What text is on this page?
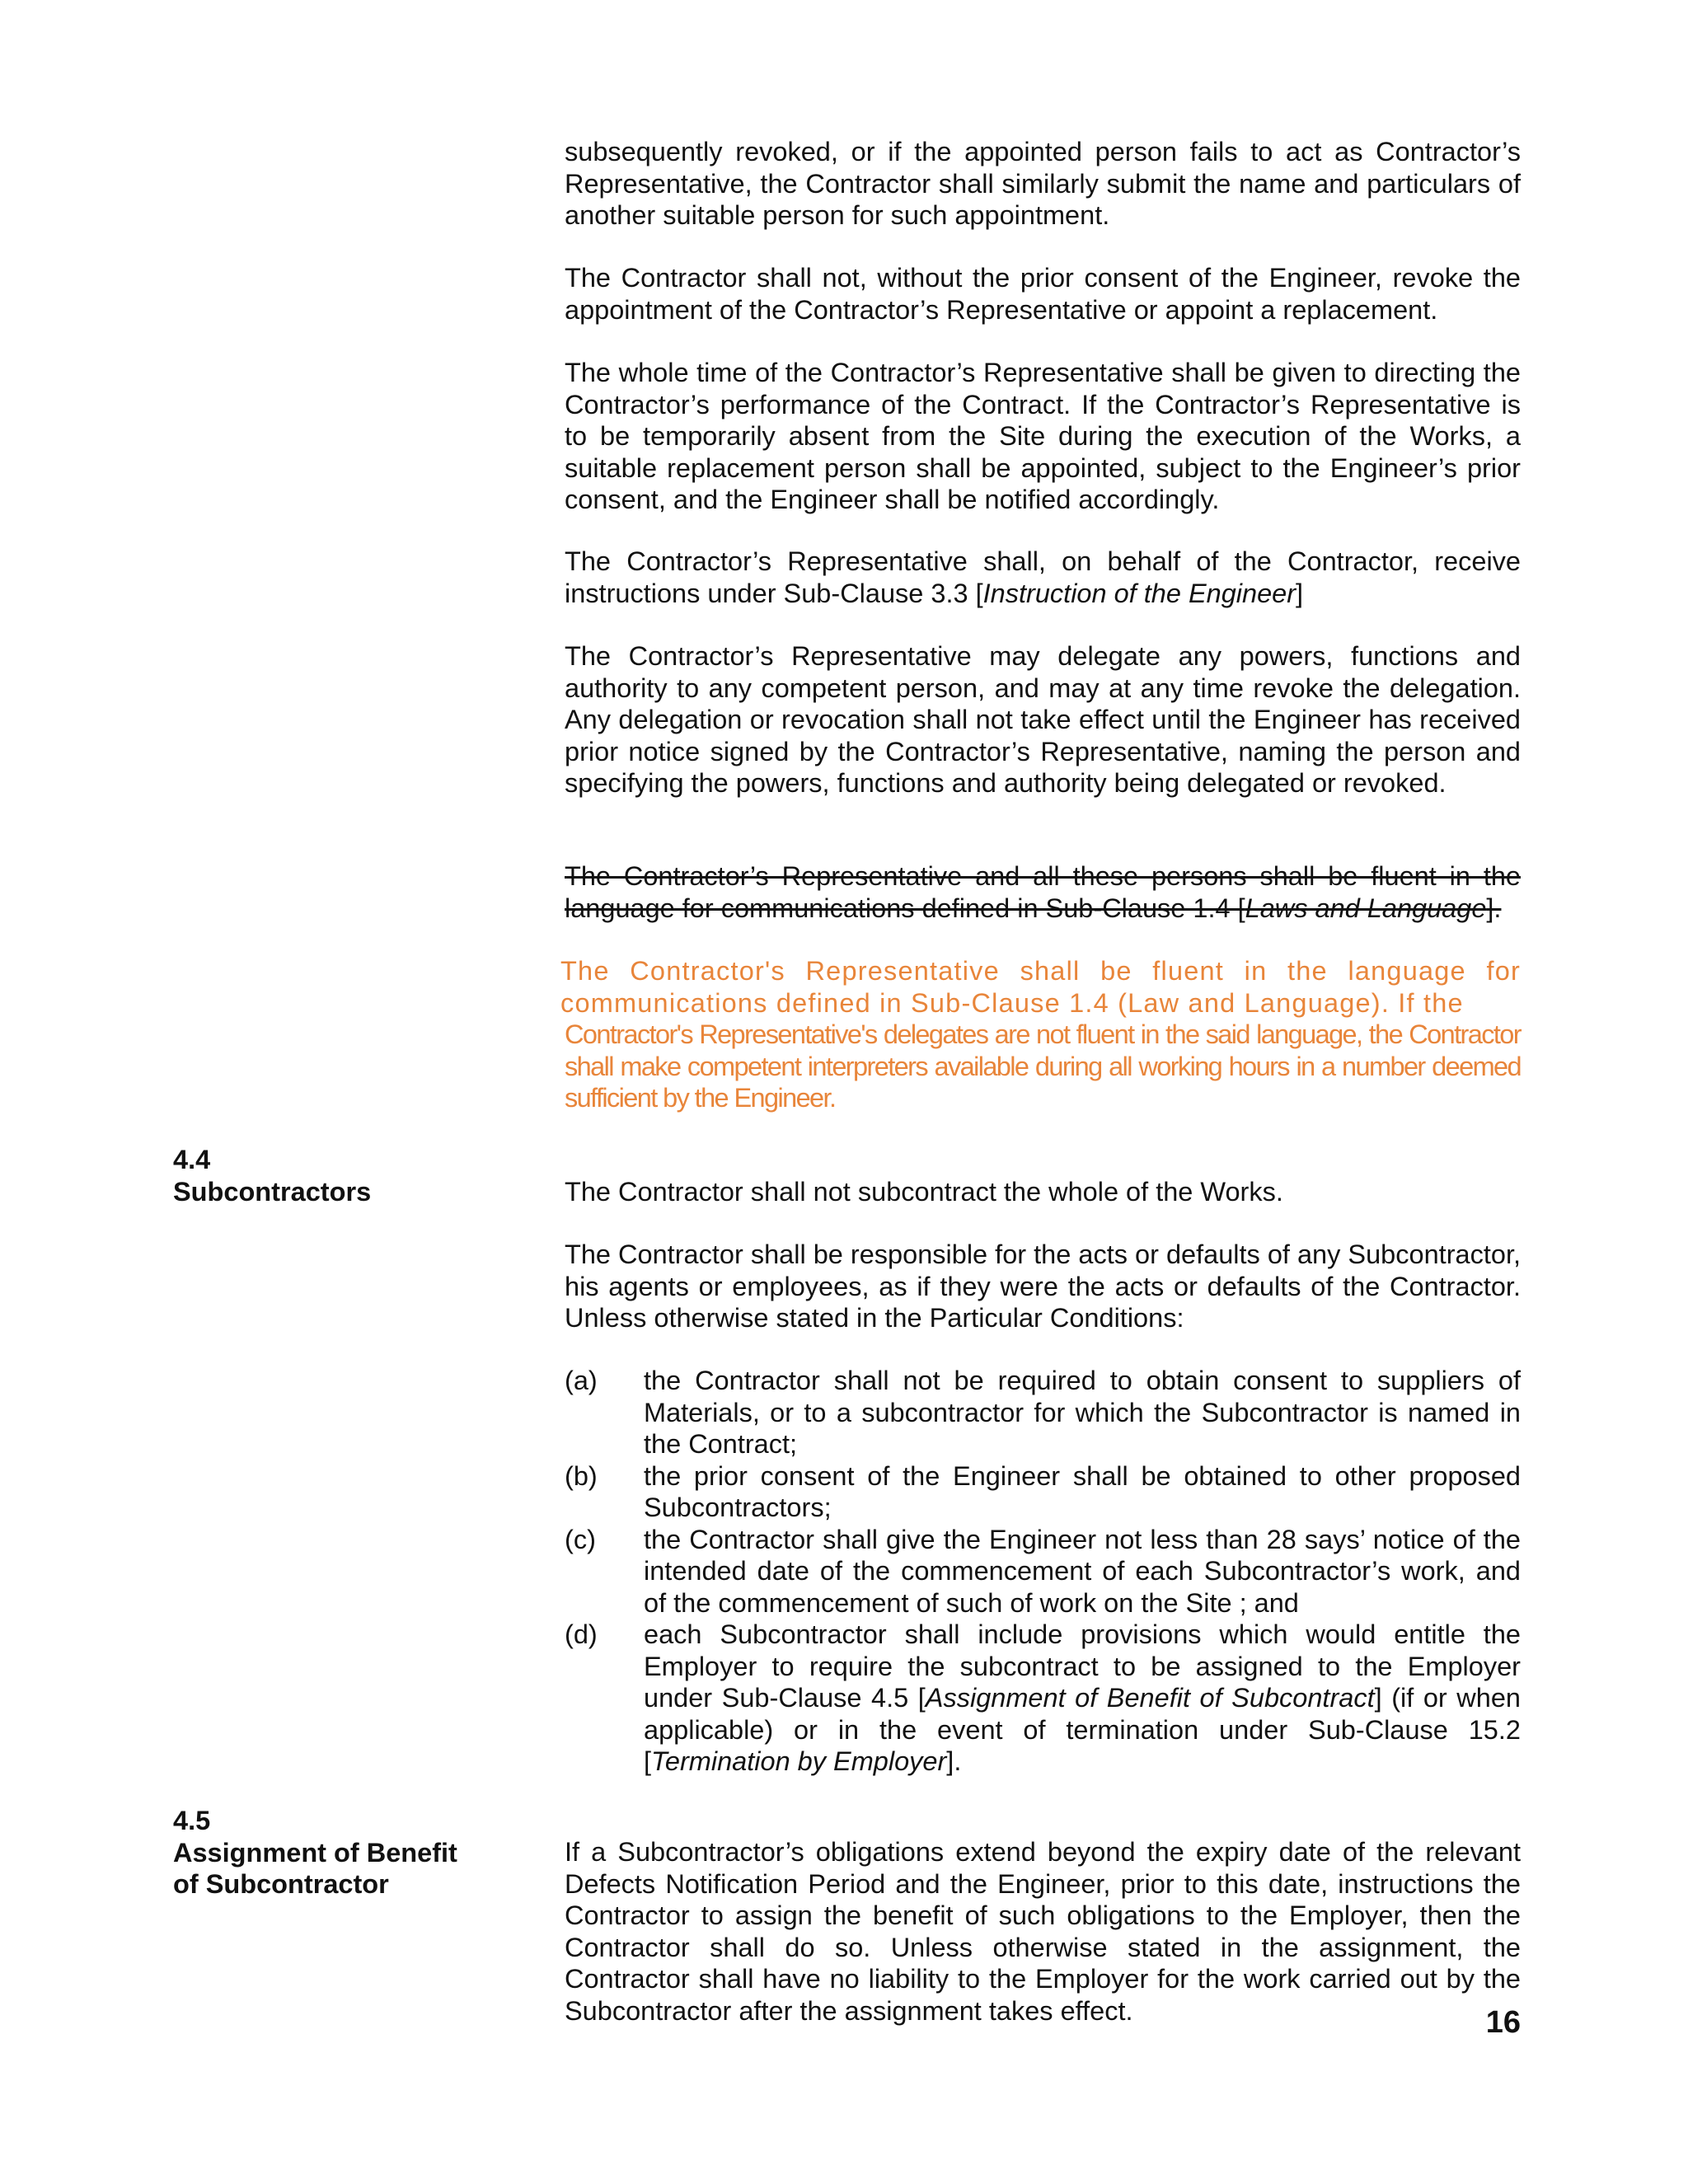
subsequently revoked, or if the appointed person fails to act as Contractor’s Representative, the Contractor shall similarly submit the name and particulars of another suitable person for such appointment.

The Contractor shall not, without the prior consent of the Engineer, revoke the appointment of the Contractor’s Representative or appoint a replacement.

The whole time of the Contractor’s Representative shall be given to directing the Contractor’s performance of the Contract. If the Contractor’s Representative is to be temporarily absent from the Site during the execution of the Works, a suitable replacement person shall be appointed, subject to the Engineer’s prior consent, and the Engineer shall be notified accordingly.

The Contractor’s Representative shall, on behalf of the Contractor, receive instructions under Sub-Clause 3.3 [Instruction of the Engineer]

The Contractor’s Representative may delegate any powers, functions and authority to any competent person, and may at any time revoke the delegation. Any delegation or revocation shall not take effect until the Engineer has received prior notice signed by the Contractor’s Representative, naming the person and specifying the powers, functions and authority being delegated or revoked.

The Contractor’s Representative and all these persons shall be fluent in the language for communications defined in Sub-Clause 1.4 [Laws and Language].

The Contractor's Representative shall be fluent in the language for communications defined in Sub-Clause 1.4 (Law and Language). If the

Contractor's Representative's delegates are not fluent in the said language, the Contractor shall make competent interpreters available during all working hours in a number deemed sufficient by the Engineer.

4.4
Subcontractors	The Contractor shall not subcontract the whole of the Works.

The Contractor shall be responsible for the acts or defaults of any Subcontractor, his agents or employees, as if they were the acts or defaults of the Contractor. Unless otherwise stated in the Particular Conditions:

(a)	the Contractor shall not be required to obtain consent to suppliers of Materials, or to a subcontractor for which the Subcontractor is named in the Contract;
(b)	the prior consent of the Engineer shall be obtained to other proposed Subcontractors;
(c)	the Contractor shall give the Engineer not less than 28 says’ notice of the intended date of the commencement of each Subcontractor’s work, and of the commencement of such of work on the Site ; and
(d)	each Subcontractor shall include provisions which would entitle the Employer to require the subcontract to be assigned to the Employer under Sub-Clause 4.5 [Assignment of Benefit of Subcontract] (if or when applicable) or in the event of termination under Sub-Clause 15.2 [Termination by Employer].
4.5
Assignment of Benefit
of Subcontractor

If a Subcontractor’s obligations extend beyond the expiry date of the relevant Defects Notification Period and the Engineer, prior to this date, instructions the Contractor to assign the benefit of such obligations to the Employer, then the Contractor shall do so. Unless otherwise stated in the assignment, the Contractor shall have no liability to the Employer for the work carried out by the Subcontractor after the assignment takes effect.	16
